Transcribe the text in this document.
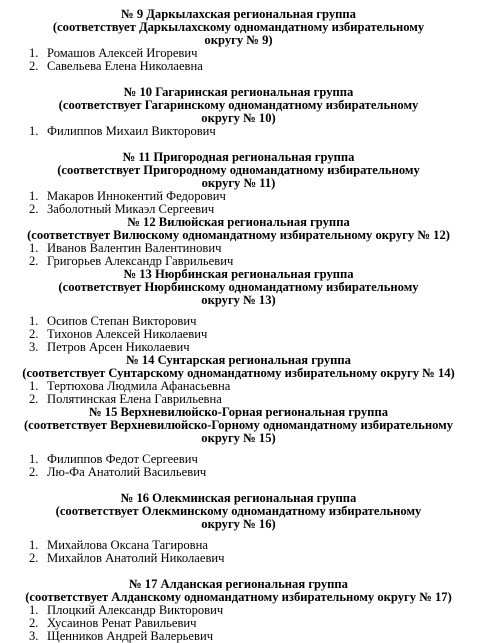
№ 9 Даркылахская региональная группа
(соответствует Даркылахскому одномандатному избирательному
округу № 9)
1. Ромашов Алексей Игоревич
2. Савельева Елена Николаевна
№ 10 Гагаринская региональная группа
(соответствует Гагаринскому одномандатному избирательному
округу № 10)
1. Филиппов Михаил Викторович
№ 11 Пригородная региональная группа
(соответствует Пригородному одномандатному избирательному
округу № 11)
1. Макаров Иннокентий Федорович
2. Заболотный Микаэл Сергеевич
№ 12 Вилюйская региональная группа
(соответствует Вилюскому одномандатному избирательному округу № 12)
1. Иванов Валентин Валентинович
2. Григорьев Александр Гаврильевич
№ 13 Нюрбинская региональная группа
(соответствует Нюрбинскому одномандатному избирательному
округу № 13)
1. Осипов Степан Викторович
2. Тихонов Алексей Николаевич
3. Петров Арсен Николаевич
№ 14 Сунтарская региональная группа
(соответствует Сунтарскому одномандатному избирательному округу № 14)
1. Тертюхова Людмила Афанасьевна
2. Полятинская Елена Гаврильевна
№ 15 Верхневилюйско-Горная региональная группа
(соответствует Верхневилюйско-Горному одномандатному избирательному
округу № 15)
1. Филиппов Федот Сергеевич
2. Лю-Фа Анатолий Васильевич
№ 16 Олекминская региональная группа
(соответствует Олекминскому одномандатному избирательному
округу № 16)
1. Михайлова Оксана Тагировна
2. Михайлов Анатолий Николаевич
№ 17 Алданская региональная группа
(соответствует Алданскому одномандатному избирательному округу № 17)
1. Плоцкий Александр Викторович
2. Хусаинов Ренат Равильевич
3. Щенников Андрей Валерьевич
